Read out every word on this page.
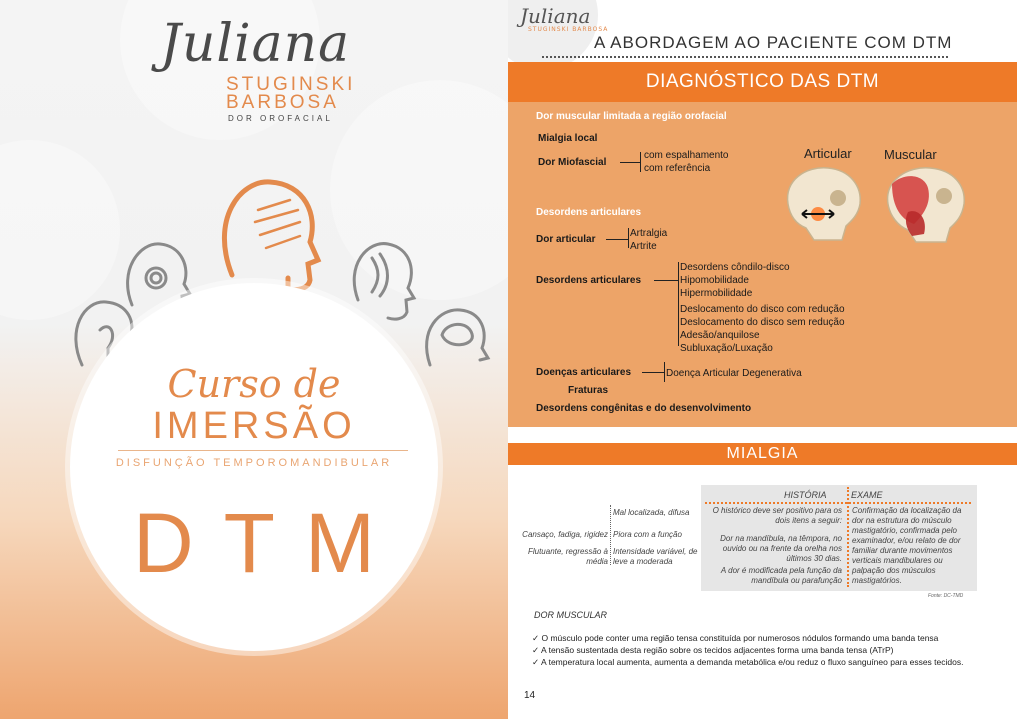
Juliana
STUGINSKI
BARBOSA
DOR OROFACIAL
Curso de
IMERSÃO
DISFUNÇÃO TEMPOROMANDIBULAR
DTM
Juliana
STUGINSKI BARBOSA
A ABORDAGEM AO PACIENTE COM DTM
DIAGNÓSTICO DAS DTM
Dor muscular limitada a região orofacial
Mialgia local
Dor Miofascial
com espalhamento
com referência
Articular Muscular
Desordens articulares
Dor articular
Artralgia
Artrite
Desordens articulares
Desordens côndilo-disco
Hipomobilidade
Hipermobilidade
Deslocamento do disco com redução
Deslocamento do disco sem redução
Adesão/anquilose
Subluxação/Luxação
Doenças articulares	Doença Articular Degenerativa
Fraturas
Desordens congênitas e do desenvolvimento
MIALGIA
Mal localizada, difusa
Piora com a função
Intensidade variável, de leve a moderada
Cansaço, fadiga, rigidez
Flutuante, regressão à média
HISTÓRIA	EXAME
O histórico deve ser positivo para os dois itens a seguir:
Dor na mandíbula, na têmpora, no ouvido ou na frente da orelha nos últimos 30 dias.
A dor é modificada pela função da mandíbula ou parafunção
Confirmação da localização da dor na estrutura do músculo mastigatório, confirmada pelo examinador, e/ou relato de dor familiar durante movimentos verticais mandibulares ou palpação dos músculos mastigatórios.
Fonte: DC-TMD
DOR MUSCULAR
✓ O músculo pode conter uma região tensa constituída por numerosos nódulos formando uma banda tensa
✓ A tensão sustentada desta região sobre os tecidos adjacentes forma uma banda tensa (ATrP)
✓ A temperatura local aumenta, aumenta a demanda metabólica e/ou reduz o fluxo sanguíneo para esses tecidos.
14
